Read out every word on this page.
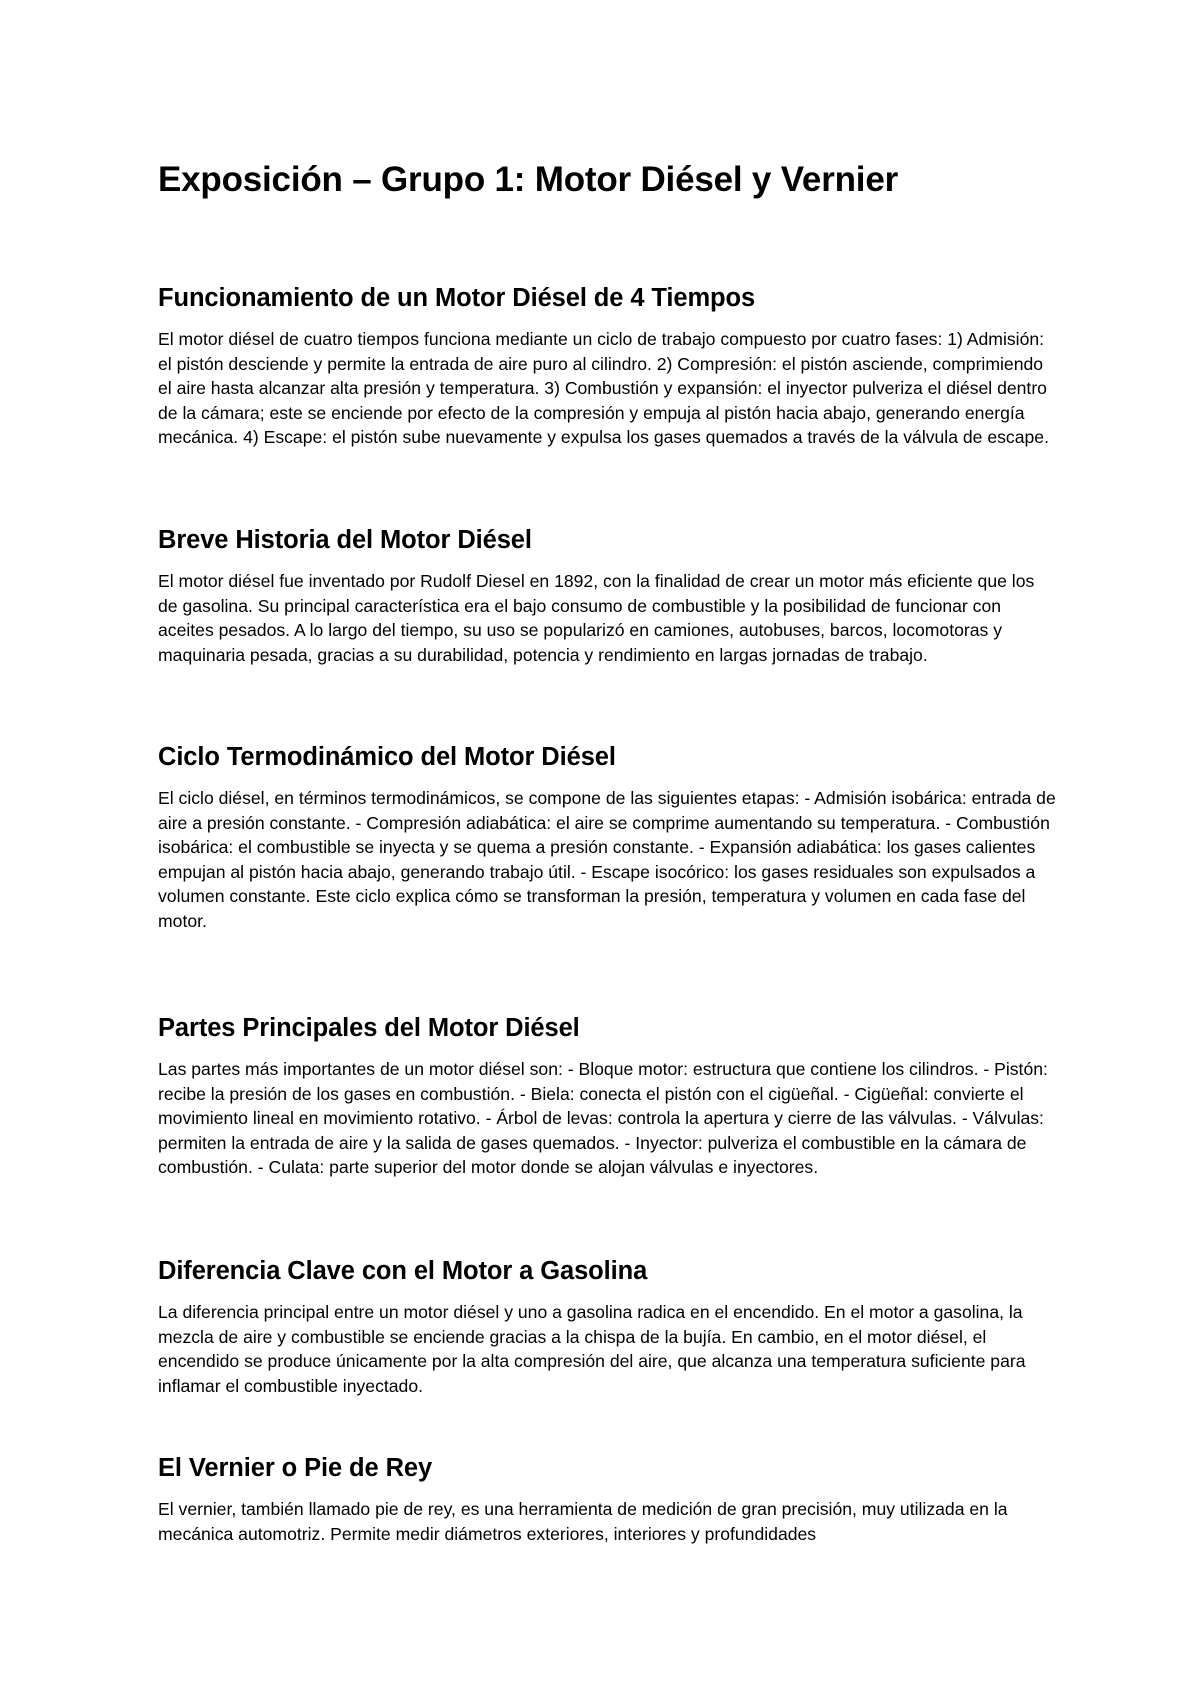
Exposición – Grupo 1: Motor Diésel y Vernier
Funcionamiento de un Motor Diésel de 4 Tiempos

El motor diésel de cuatro tiempos funciona mediante un ciclo de trabajo compuesto por cuatro fases: 1) Admisión: el pistón desciende y permite la entrada de aire puro al cilindro. 2) Compresión: el pistón asciende, comprimiendo el aire hasta alcanzar alta presión y temperatura. 3) Combustión y expansión: el inyector pulveriza el diésel dentro de la cámara; este se enciende por efecto de la compresión y empuja al pistón hacia abajo, generando energía mecánica. 4) Escape: el pistón sube nuevamente y expulsa los gases quemados a través de la válvula de escape.

Breve Historia del Motor Diésel

El motor diésel fue inventado por Rudolf Diesel en 1892, con la finalidad de crear un motor más eficiente que los de gasolina. Su principal característica era el bajo consumo de combustible y la posibilidad de funcionar con aceites pesados. A lo largo del tiempo, su uso se popularizó en camiones, autobuses, barcos, locomotoras y maquinaria pesada, gracias a su durabilidad, potencia y rendimiento en largas jornadas de trabajo.

Ciclo Termodinámico del Motor Diésel

El ciclo diésel, en términos termodinámicos, se compone de las siguientes etapas: - Admisión isobárica: entrada de aire a presión constante. - Compresión adiabática: el aire se comprime aumentando su temperatura. - Combustión isobárica: el combustible se inyecta y se quema a presión constante. - Expansión adiabática: los gases calientes empujan al pistón hacia abajo, generando trabajo útil. - Escape isocórico: los gases residuales son expulsados a volumen constante. Este ciclo explica cómo se transforman la presión, temperatura y volumen en cada fase del motor.

Partes Principales del Motor Diésel

Las partes más importantes de un motor diésel son: - Bloque motor: estructura que contiene los cilindros. - Pistón: recibe la presión de los gases en combustión. - Biela: conecta el pistón con el cigüeñal. - Cigüeñal: convierte el movimiento lineal en movimiento rotativo. - Árbol de levas: controla la apertura y cierre de las válvulas. - Válvulas: permiten la entrada de aire y la salida de gases quemados. - Inyector: pulveriza el combustible en la cámara de combustión. - Culata: parte superior del motor donde se alojan válvulas e inyectores.

Diferencia Clave con el Motor a Gasolina

La diferencia principal entre un motor diésel y uno a gasolina radica en el encendido. En el motor a gasolina, la mezcla de aire y combustible se enciende gracias a la chispa de la bujía. En cambio, en el motor diésel, el encendido se produce únicamente por la alta compresión del aire, que alcanza una temperatura suficiente para inflamar el combustible inyectado.

El Vernier o Pie de Rey

El vernier, también llamado pie de rey, es una herramienta de medición de gran precisión, muy utilizada en la mecánica automotriz. Permite medir diámetros exteriores, interiores y profundidades
